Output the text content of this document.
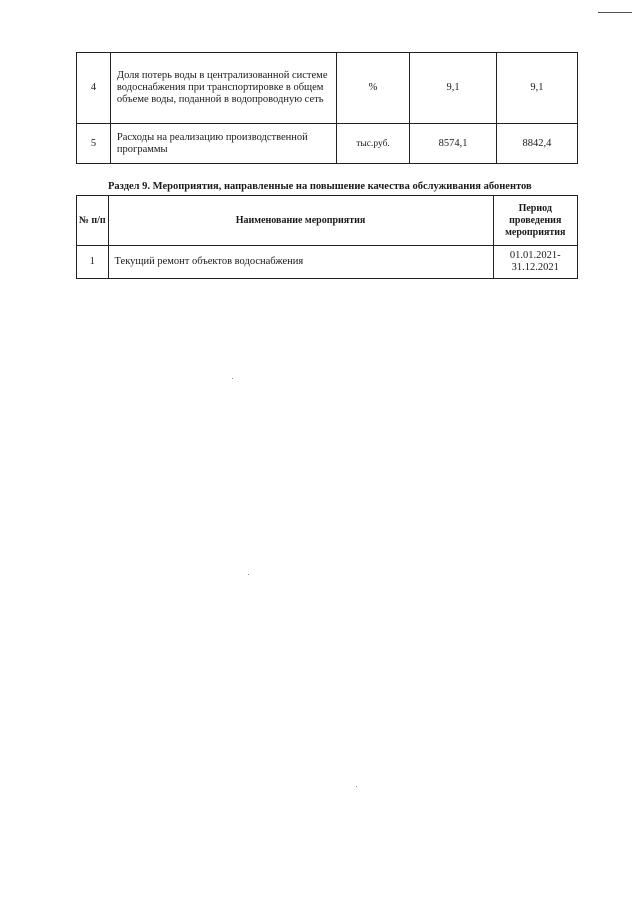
4	Доля потерь воды в централизованной системе водоснабжения при транспортировке в общем объеме воды, поданной в водопроводную сеть	%	9,1	9,1
5	Расходы на реализацию производственной программы	тыс.руб.	8574,1	8842,4
Раздел 9. Мероприятия, направленные на повышение качества обслуживания абонентов
№ п/п	Наименование мероприятия	Период проведения мероприятия
1	Текущий ремонт объектов водоснабжения	01.01.2021-
31.12.2021
